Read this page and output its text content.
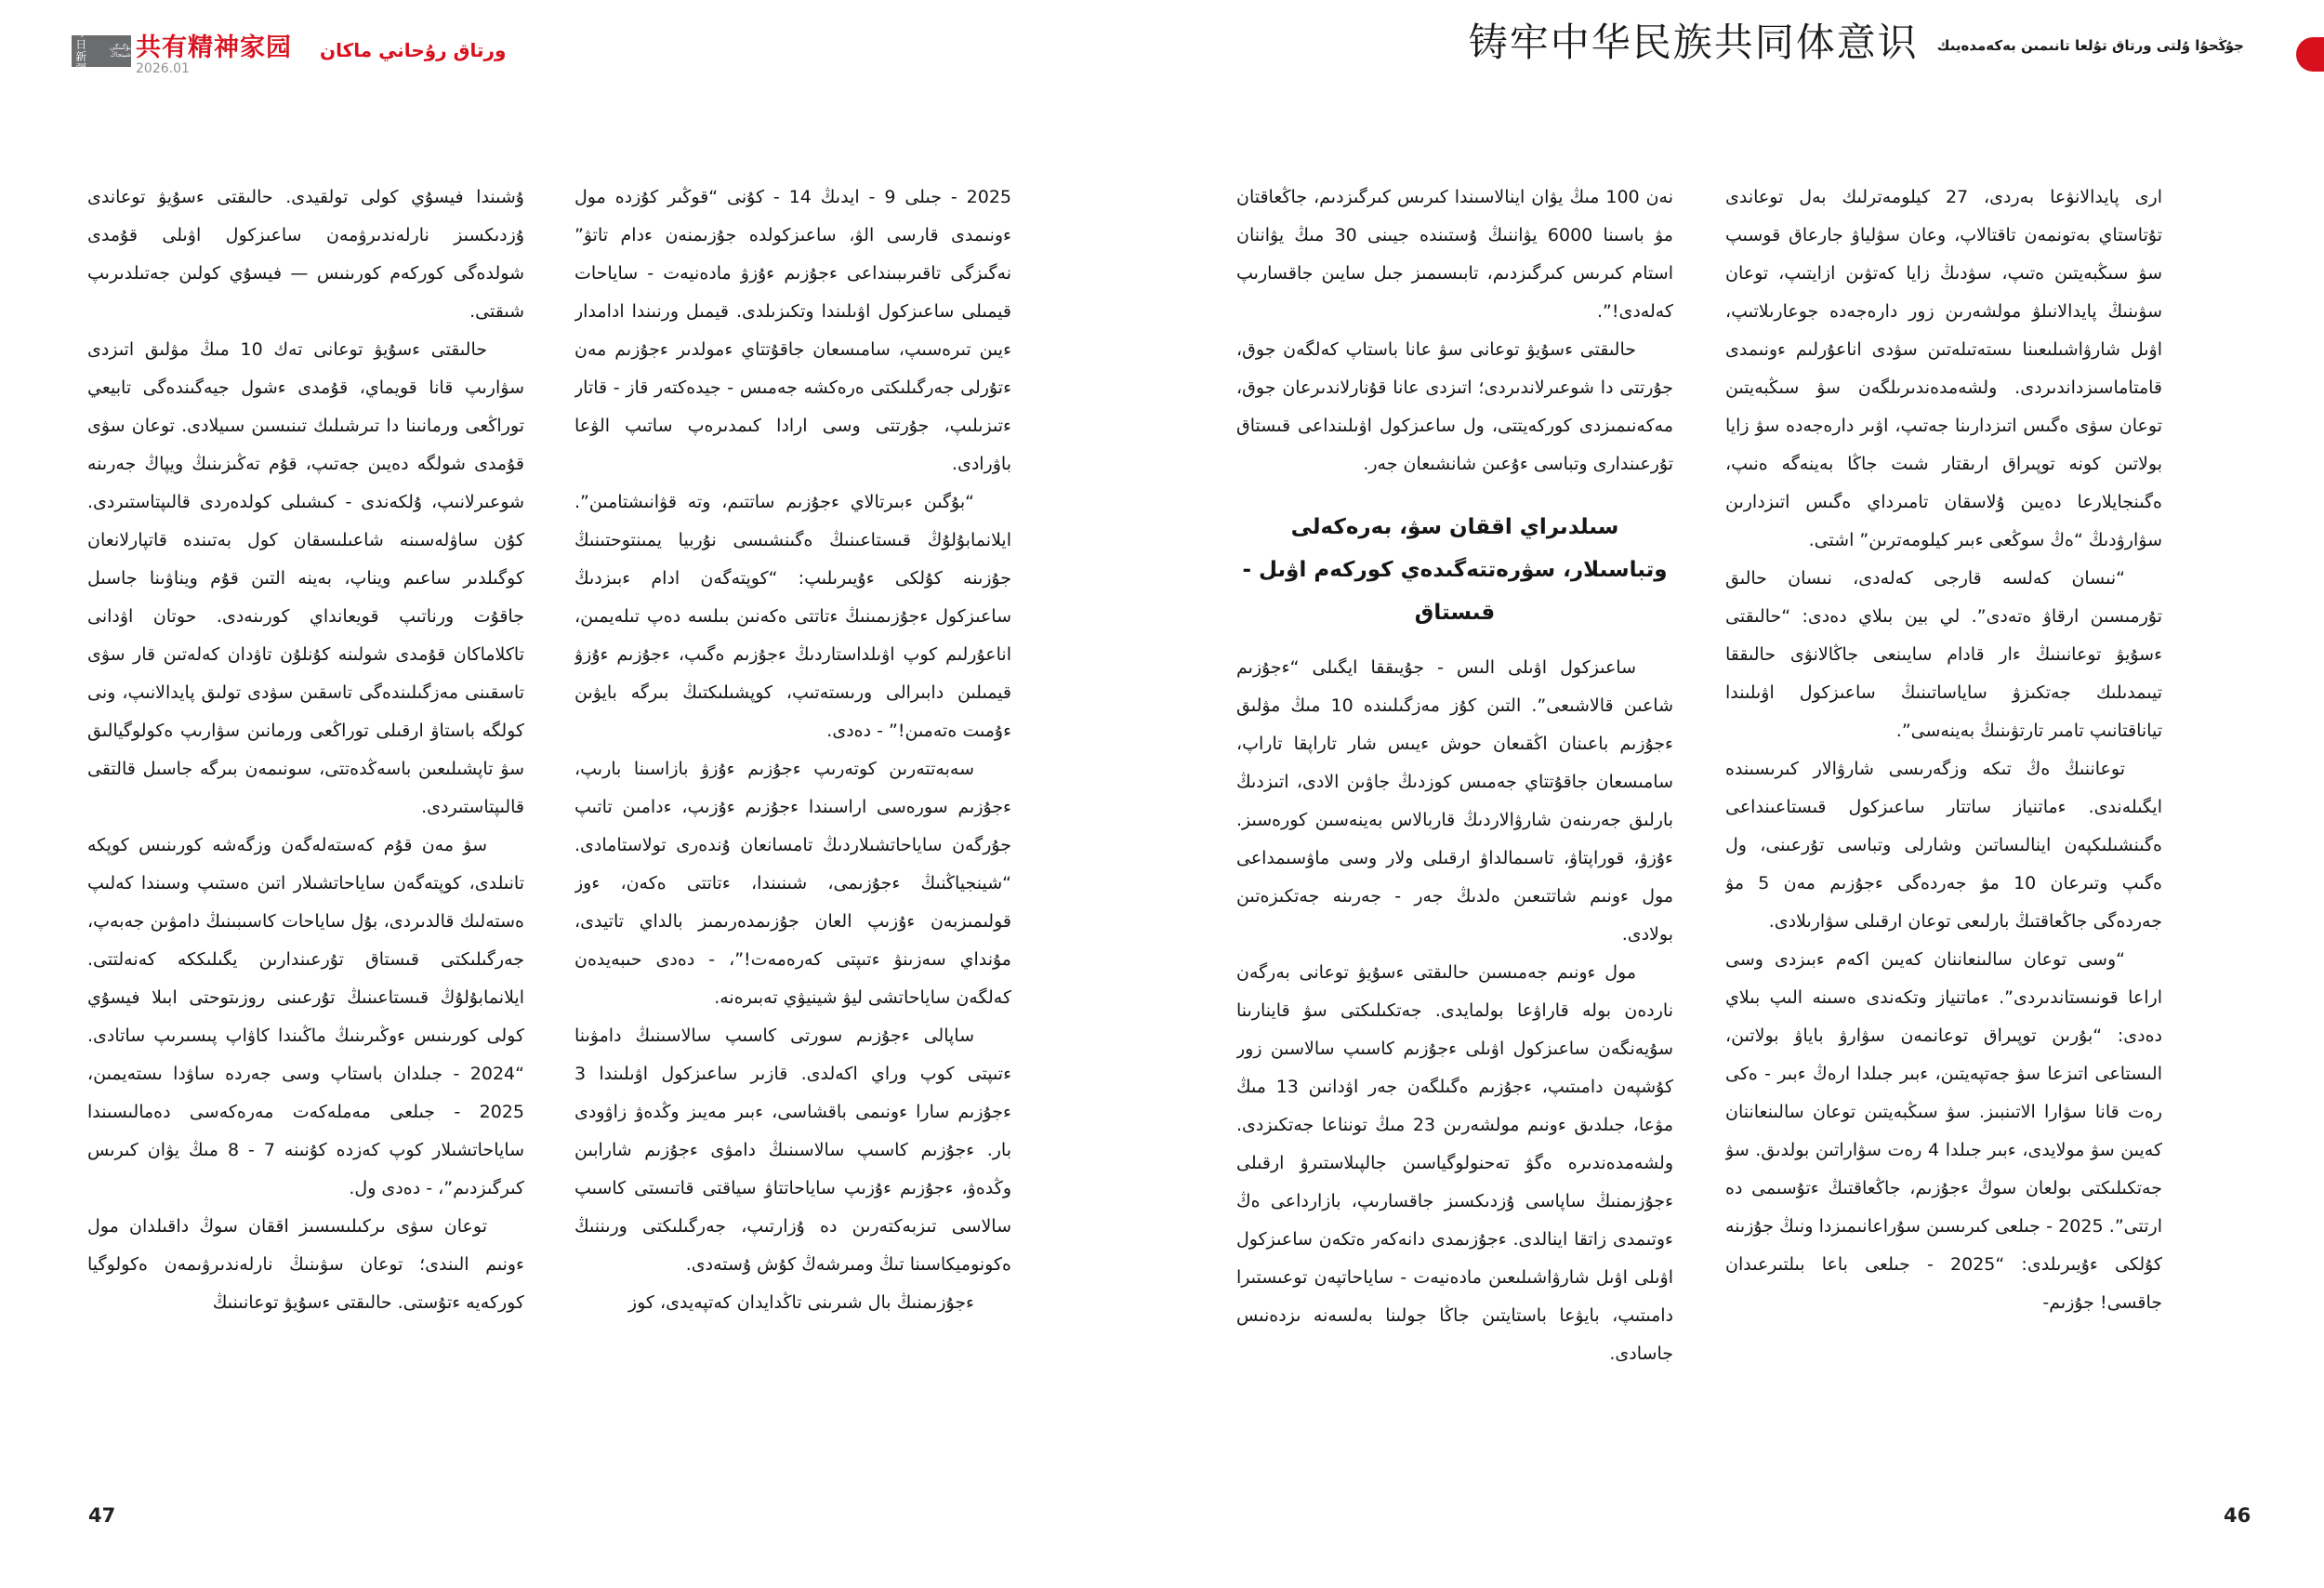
今日
新疆
بۇگىنگى شينجاڭ 共有精神家园
2026.01
ورتاق رۇحاني ماكان	铸牢中华民族共同体意识 جۇڭحۇا ۇلتى ورتاق تۇلعا تانىمىن بەكەمدەيىك

ۇشىندا فيسۇي كولى تولقيدى. حالىقتى ءسۇيۋ توعاندى ۇزدىكسىز نارلەندىرۋمەن ساعىزكول اۋىلى قۇمدى شولدەگى كوركەم كورىنىس — فيسۇي كولىن جەتىلدىرىپ شىقتى.

حالىقتى ءسۇيۋ توعانى تەك 10 مىڭ مۋلىق اتىزدى سۋارىپ قانا قويماي، قۇمدى ءشول جيەگىندەگى تابيعي توراڭعى ورمانىنا دا تىرشىلىك تىنىسىن سىيلادى. توعان سۋى قۇمدى شولگە دەيىن جەتىپ، قۇم تەڭىزىنىڭ ويپاڭ جەرىنە شوعىرلانىپ، ۇلكەندى - كىشىلى كولدەردى قالىپتاستىردى. كۇن ساۋلەسىنە شاعىلىسقان كول بەتىندە قاتپارلانعان كوگىلدىر ساعىم ويناپ، بەينە التىن قۇم ويناۋىنا جاسىل جاقۇت ورناتىپ قويعانداي كورىنەدى. حوتان اۋدانى تاكلاماكان قۇمدى شولىنە كۇنلۇن تاۋدان كەلەتىن قار سۋى تاسقىنى مەزگىلىندەگى تاسقىن سۋدى تولىق پايدالانىپ، ونى كولگە باستاۋ ارقىلى توراڭعى ورمانىن سۋارىپ ەكولوگيالىق سۋ تاپشىلىعىن باسەڭدەتتى، سونىمەن بىرگە جاسىل قالتقى قالىپتاستىردى.

سۋ مەن قۇم كەستەلەگەن وزگەشە كورىنىس كوپكە تانىلدى، كوپتەگەن ساياحاتشىلار اتىن ەستىپ وسىندا كەلىپ ەستەلىك قالدىردى، بۇل ساياحات كاسىبىنىڭ دامۋىن جەبەپ، جەرگىلىكتى قىستاق تۇرعىندارىن يگىلىككە كەنەلتتى. ايلانمابۇلۇڭ قىستاعىنىڭ تۇرعىنى روزىتوحتى ابىلا فيسۇي كولى كورىنىس ءوڭىرىنىڭ ماڭىندا كاۋاپ پىسىرىپ ساتادى. “2024 - جىلدان باستاپ وسى جەردە ساۋدا ىستەيمىن، 2025 - جىلعى مەملەكەت مەرەكەسى دەمالىسىندا ساياحاتشىلار كوپ كەزدە كۇنىنە 7 - 8 مىڭ يۋان كىرىس كىرگىزدىم”، - دەدى ول.

توعان سۋى ىركىلىسسىز اققان سوڭ داقىلدان مول ءونىم الىندى؛ توعان سۋىنىڭ نارلەندىرۋىمەن ەكولوگيا كوركەيە ءتۇستى. حالىقتى ءسۇيۋ توعانىنىڭ

2025 - جىلى 9 - ايدىڭ 14 - كۇنى “قوڭىر كۇزدە مول ءونىمدى قارسى الۋ، ساعىزكولدە جۇزىمنەن ءدام تاتۋ” نەگىزگى تاقىرىبىنداعى ءجۇزىم ءۇزۋ مادەنيەت - ساياحات قيمىلى ساعىزكول اۋىلىندا وتكىزىلدى. قيمىل ورنىندا ادامدار ءيىن تىرەسىپ، سامىسعان جاقۇتتاي ءمولدىر ءجۇزىم مەن ءتۇرلى جەرگىلىكتى ەرەكشە جەمىس - جيدەكتەر قاز - قاتار ءتىزىلىپ، جۇرتتى وسى ارادا كىمدىرەپ ساتىپ الۋعا باۋرادى.

“بۇگىن ءبىرتالاي ءجۇزىم ساتتىم، وتە قۋانىشتامىن”. ايلانمابۇلۇڭ قىستاعىنىڭ ەگىنشىسى نۇربيا يمىنتوحتىنىڭ جۇزىنە كۇلكى ءۇيىرىلىپ: “كوپتەگەن ادام ءبىزدىڭ ساعىزكول ءجۇزىمىنىڭ ءتاتتى ەكەنىن بىلسە دەپ تىلەيمىن، اناعۇرلىم كوپ اۋىلداستاردىڭ ءجۇزىم ەگىپ، ءجۇزىم ءۇزۋ قيمىلىن دابىرالى ورىستەتىپ، كوپشىلىكتىڭ بىرگە بايۋىن ءۇمىت ەتەمىن!” - دەدى.

سەبەتتەرىن كوتەرىپ ءجۇزىم ءۇزۋ بازاسىنا بارىپ، ءجۇزىم سورەسى اراسىندا ءجۇزىم ءۇزىپ، ءدامىن تاتىپ جۇرگەن ساياحاتشىلاردىڭ تامسانعان ۇندەرى تولاستامادى. “شينجياڭنىڭ ءجۇزىمى، شىنىندا، ءتاتتى ەكەن، ءوز قولىمىزبەن ءۇزىپ العان جۇزىمدەرىمىز بالداي تاتيدى، مۇنداي سەزىنۋ ءتىپتى كەرەمەت!”، - دەدى حىبەيدەن كەلگەن ساياحاتشى ليۋ شينيۋي تەبىرەنە.

ساپالى ءجۇزىم سورتى كاسىپ سالاسىنىڭ دامۋىنا ءتىپتى كوپ وراي اكەلدى. قازىر ساعىزكول اۋىلىندا 3 ءجۇزىم سارا ءونىمى باقشاسى، ءبىر مەيىز وڭدەۋ زاۋودى بار. ءجۇزىم كاسىپ سالاسىنىڭ دامۋى ءجۇزىم شارابىن وڭدەۋ، ءجۇزىم ءۇزىپ ساياحاتتاۋ سياقتى قاتىستى كاسىپ سالاسى تىزبەكتەرىن دە ۇزارتىپ، جەرگىلىكتى ورىننىڭ ەكونوميكاسىنا تىڭ ومىرشەڭ كۇش ۇستەدى.

ءجۇزىمنىڭ بال شىرىنى تاڭدايدان كەتپەيدى، كوز

نەن 100 مىڭ يۋان اينالاسىندا كىرىس كىرگىزدىم، جاڭعاقتان مۋ باسىنا 6000 يۋاننىڭ ۇستىندە جيىنى 30 مىڭ يۋاننان استام كىرىس كىرگىزدىم، تابىسىمىز جىل سايىن جاقسارىپ كەلەدى!”.

حالىقتى ءسۇيۋ توعانى سۋ عانا باستاپ كەلگەن جوق، جۇرتتى دا شوعىرلاندىردى؛ اتىزدى عانا قۇنارلاندىرعان جوق، مەكەنىمىزدى كوركەيتتى، ول ساعىزكول اۋىلىنداعى قىستاق تۇرعىندارى وتباسى ءۇعىن شانشىعان جەر.

سىلدىراي اققان سۋ، بەرەكەلى وتباسىلار، سۋرەتتەگىدەي كوركەم اۋىل - قىستاق

ساعىزكول اۋىلى الىس - جۇيىققا ايگىلى “ءجۇزىم شاعىن قالاشىعى”. التىن كۇز مەزگىلىندە 10 مىڭ مۋلىق ءجۇزىم باعىنان اڭقىعان حوش ءيىس شار تاراپقا تاراپ، سامىسعان جاقۇتتاي جەمىس كوزدىڭ جاۋىن الادى، اتىزدىڭ بارلىق جەرىنەن شارۋالاردىڭ قاربالاس بەينەسىن كورەسىز. ءۇزۋ، قوراپتاۋ، تاسىمالداۋ ارقىلى ولار وسى ماۋسىمداعى مول ءونىم شاتتىعىن ەلدىڭ جەر - جەرىنە جەتكىزەتىن بولادى.

مول ءونىم جەمىسىن حالىقتى ءسۇيۋ توعانى بەرگەن ناردەن بولە قاراۋعا بولمايدى. جەتكىلىكتى سۋ قاينارىنا سۇيەنگەن ساعىزكول اۋىلى ءجۇزىم كاسىپ سالاسىن زور كۇشپەن دامىتىپ، ءجۇزىم ەگىلگەن جەر اۋدانىن 13 مىڭ مۋعا، جىلدىق ءونىم مولشەرىن 23 مىڭ تونناعا جەتكىزدى. ولشەمدەندىرە ەگۋ تەحنولوگياسىن جالپىلاستىرۋ ارقىلى ءجۇزىمنىڭ ساپاسى ۇزدىكسىز جاقسارىپ، بازارداعى ەڭ ءوتىمدى زاتقا اينالدى. ءجۇزىمدى دانەكەر ەتكەن ساعىزكول اۋىلى اۋىل شارۋاشىلىعىن مادەنيەت - ساياحاتپەن توعىستىرا دامىتىپ، بايۋعا باستايتىن جاڭا جولىنا بەلسەنە ىزدەنىس جاسادى.

ارى پايدالانۋعا بەردى، 27 كيلومەترلىك بەل توعاندى تۇتاستاي بەتونمەن تاقتالاپ، وعان سۋلياۋ جارعاق قوسىپ سۋ سىڭبەيتىن ەتىپ، سۋدىڭ زايا كەتۋىن ازايتىپ، توعان سۋىنىڭ پايدالانىلۋ مولشەرىن زور دارەجەدە جوعارىلاتىپ، اۋىل شارۋاشىلىعىنا ىستەتىلەتىن سۋدى اناعۇرلىم ءونىمدى قامتاماسىزداندىردى. ولشەمدەندىرىلگەن سۋ سىڭبەيتىن توعان سۋى ەگىس اتىزدارىنا جەتىپ، اۋىر دارەجەدە سۋ زايا بولاتىن كونە توپىراق ارىقتار شىت جاڭا بەينەگە ەنىپ، ەگىنجايلارعا دەيىن ۇلاسقان تامىرداي ەگىس اتىزدارىن سۋارۋدىڭ “ەڭ سوڭعى ءبىر كيلومەترىن” اشتى.

“نىسان كەلسە قارجى كەلەدى، نىسان حالىق تۇرمىسىن ارقاۋ ەتەدى”. لي بين بىلاي دەدى: “حالىقتى ءسۇيۋ توعانىنىڭ ءار قادام سايىنعى جاڭالانۋى حالىققا تيىمدىلىك جەتكىزۋ ساياساتىنىڭ ساعىزكول اۋىلىندا تياناقتانىپ تامىر تارتۋىنىڭ بەينەسى”.

توعاننىڭ ەڭ تىكە وزگەرىسى شارۋالار كىرىسىندە ايگىلەندى. ءماتنياز ساتتار ساعىزكول قىستاعىنداعى ەگىنشىلىكپەن اينالىساتىن وشارلى وتباسى تۇرعىنى، ول ەگىپ وتىرعان 10 مۋ جەردەگى ءجۇزىم مەن 5 مۋ جەردەگى جاڭعاقتىڭ بارلىعى توعان ارقىلى سۋارىلادى.

“وسى توعان سالىنعاننان كەيىن اكەم ءبىزدى وسى اراعا قونىستاندىردى”. ءماتنياز وتكەندى ەسىنە الىپ بىلاي دەدى: “بۇرىن توپىراق توعانمەن سۋارۋ باياۋ بولاتىن، الىستاعى اتىزعا سۋ جەتپەيتىن، ءبىر جىلدا ارەڭ ءبىر - ەكى رەت قانا سۋارا الاتىنبىز. سۋ سىڭبەيتىن توعان سالىنعاننان كەيىن سۋ مولايدى، ءبىر جىلدا 4 رەت سۋاراتىن بولدىق. سۋ جەتكىلىكتى بولعان سوڭ ءجۇزىم، جاڭعاقتىڭ ءتۇسىمى دە ارتتى”. 2025 - جىلعى كىرىسىن سۇراعانىمىزدا ونىڭ جۇزىنە كۇلكى ءۇيىرىلدى: “2025 - جىلعى باعا بىلتىرعىدان جاقسى! جۇزىم-

47	46
